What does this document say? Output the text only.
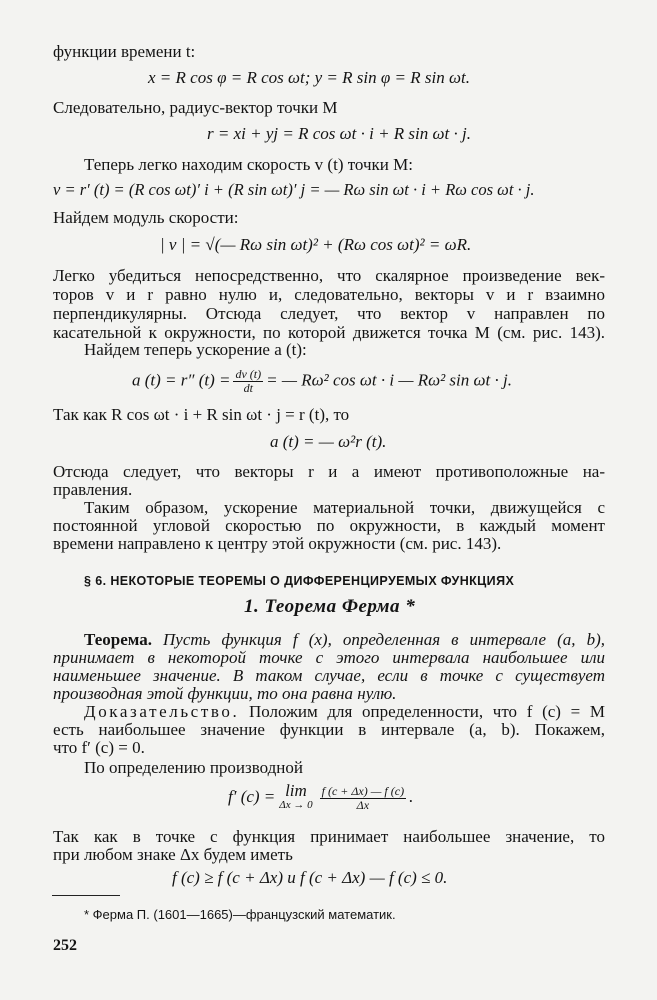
функции времени t:
x = R cos φ = R cos ωt; y = R sin φ = R sin ωt.
Следовательно, радиус-вектор точки M
r = xi + yj = R cos ωt · i + R sin ωt · j.
Теперь легко находим скорость v (t) точки M:
v = r′ (t) = (R cos ωt)′ i + (R sin ωt)′ j = — Rω sin ωt · i + Rω cos ωt · j.
Найдем модуль скорости:
| v | = √(— Rω sin ωt)² + (Rω cos ωt)² = ωR.
Легко убедиться непосредственно, что скалярное произведение век-
торов v и r равно нулю и, следовательно, векторы v и r взаимно
перпендикулярны. Отсюда следует, что вектор v направлен по
касательной к окружности, по которой движется точка M (см. рис. 143).
Найдем теперь ускорение a (t):
a (t) = r″ $(t) = \frac{dv (t)}{dt}$ = — Rω² cos ωt · i — Rω² sin ωt · j.
Так как R cos ωt · i + R sin ωt · j = r (t), то
a (t) = — ω²r (t).
Отсюда следует, что векторы r и a имеют противоположные на-
правления.
Таким образом, ускорение материальной точки, движущейся с
постоянной угловой скоростью по окружности, в каждый момент
времени направлено к центру этой окружности (см. рис. 143).
§ 6. НЕКОТОРЫЕ ТЕОРЕМЫ О ДИФФЕРЕНЦИРУЕМЫХ ФУНКЦИЯХ
1. Теорема Ферма *
Теорема. Пусть функция f (x), определенная в интервале (a, b),
принимает в некоторой точке с этого интервала наибольшее или
наименьшее значение. В таком случае, если в точке c существует
производная этой функции, то она равна нулю.
Доказательство. Положим для определенности, что f (c) = M
есть наибольшее значение функции в интервале (a, b). Покажем,
что f′ (c) = 0.
По определению производной
f′ (c) = lim
$\Delta x \to 0 \frac{f (c + \Delta x) — f (c)}{\Delta x}$ .
Так как в точке c функция принимает наибольшее значение, то
при любом знаке Δx будем иметь
f (c) ≥ f (c + Δx) и f (c + Δx) — f (c) ≤ 0.
* Ферма П. (1601—1665)—французский математик.
252
